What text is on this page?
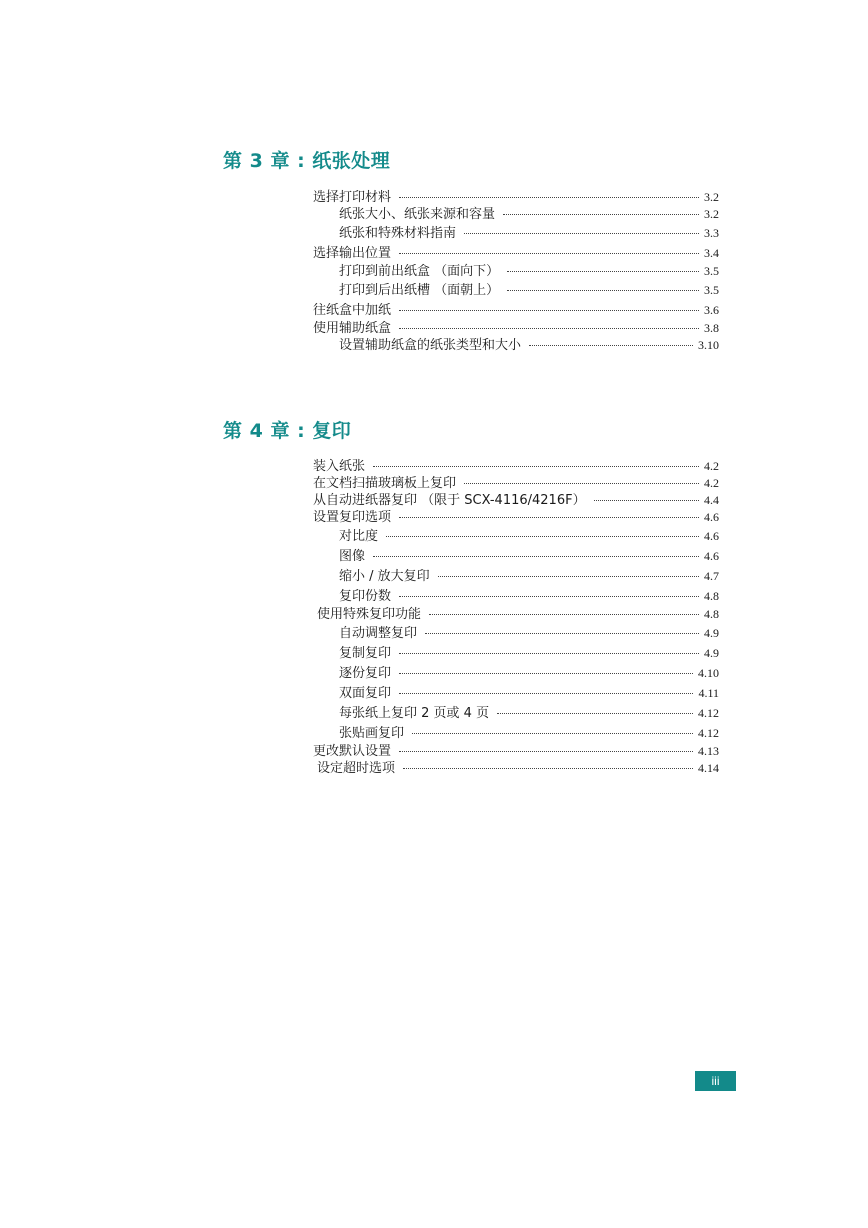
第 3 章 : 纸张处理
选择打印材料	3.2
纸张大小、纸张来源和容量	3.2
纸张和特殊材料指南	3.3
选择输出位置	3.4
打印到前出纸盒 （面向下）	3.5
打印到后出纸槽 （面朝上）	3.5
往纸盒中加纸	3.6
使用辅助纸盒	3.8
设置辅助纸盒的纸张类型和大小	3.10
第 4 章 : 复印
装入纸张	4.2
在文档扫描玻璃板上复印	4.2
从自动进纸器复印 （限于 SCX-4116/4216F）	4.4
设置复印选项	4.6
对比度	4.6
图像	4.6
缩小 / 放大复印	4.7
复印份数	4.8
使用特殊复印功能	4.8
自动调整复印	4.9
复制复印	4.9
逐份复印	4.10
双面复印	4.11
每张纸上复印 2 页或 4 页	4.12
张贴画复印	4.12
更改默认设置	4.13
设定超时选项	4.14
iii
